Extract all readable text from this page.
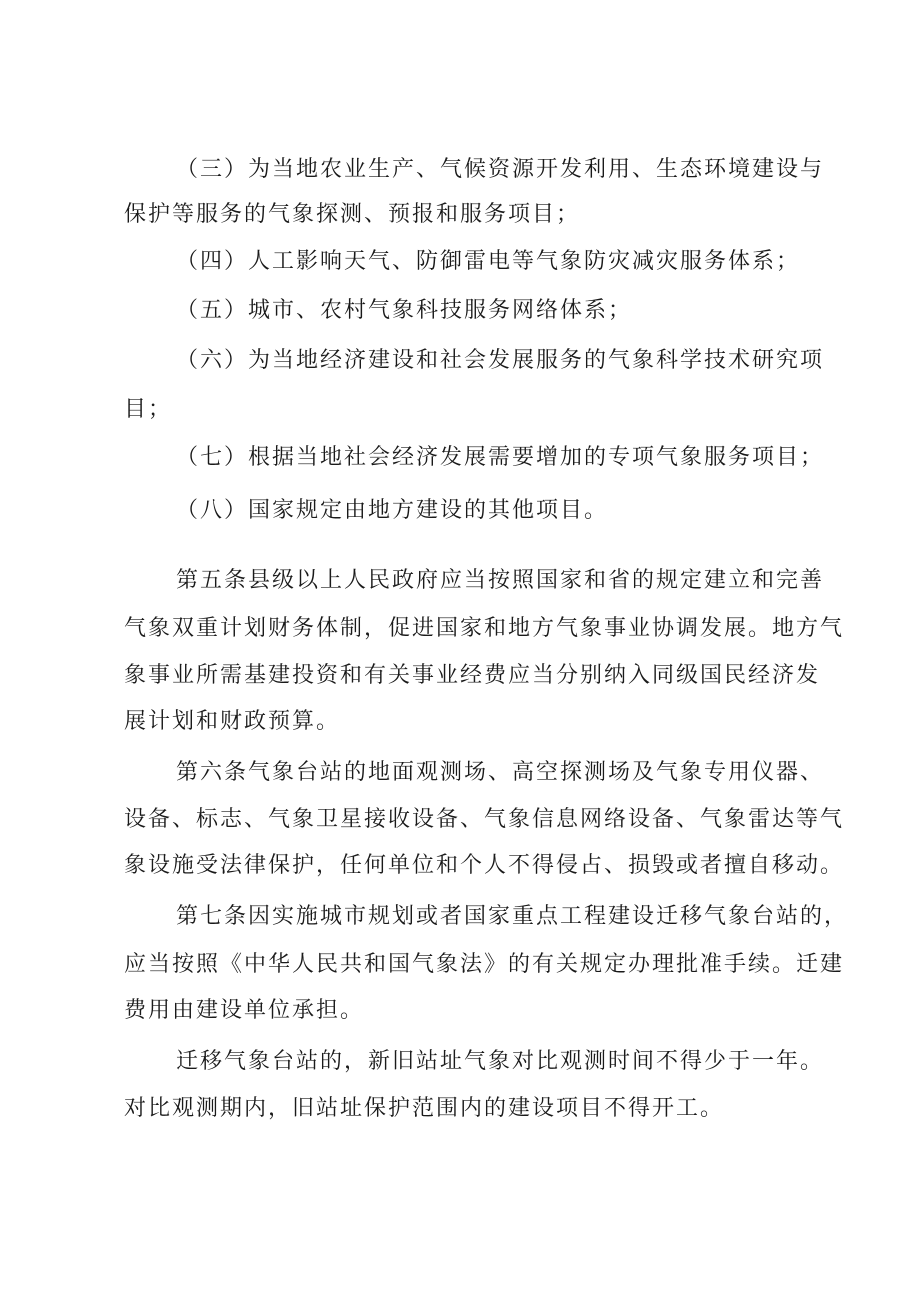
（三）为当地农业生产、气候资源开发利用、生态环境建设与
保护等服务的气象探测、预报和服务项目；
（四）人工影响天气、防御雷电等气象防灾减灾服务体系；
（五）城市、农村气象科技服务网络体系；
（六）为当地经济建设和社会发展服务的气象科学技术研究项
目；
（七）根据当地社会经济发展需要增加的专项气象服务项目；
（八）国家规定由地方建设的其他项目。
第五条县级以上人民政府应当按照国家和省的规定建立和完善
气象双重计划财务体制，促进国家和地方气象事业协调发展。地方气
象事业所需基建投资和有关事业经费应当分别纳入同级国民经济发
展计划和财政预算。
第六条气象台站的地面观测场、高空探测场及气象专用仪器、
设备、标志、气象卫星接收设备、气象信息网络设备、气象雷达等气
象设施受法律保护，任何单位和个人不得侵占、损毁或者擅自移动。
第七条因实施城市规划或者国家重点工程建设迁移气象台站的，
应当按照《中华人民共和国气象法》的有关规定办理批准手续。迁建
费用由建设单位承担。
迁移气象台站的，新旧站址气象对比观测时间不得少于一年。
对比观测期内，旧站址保护范围内的建设项目不得开工。
